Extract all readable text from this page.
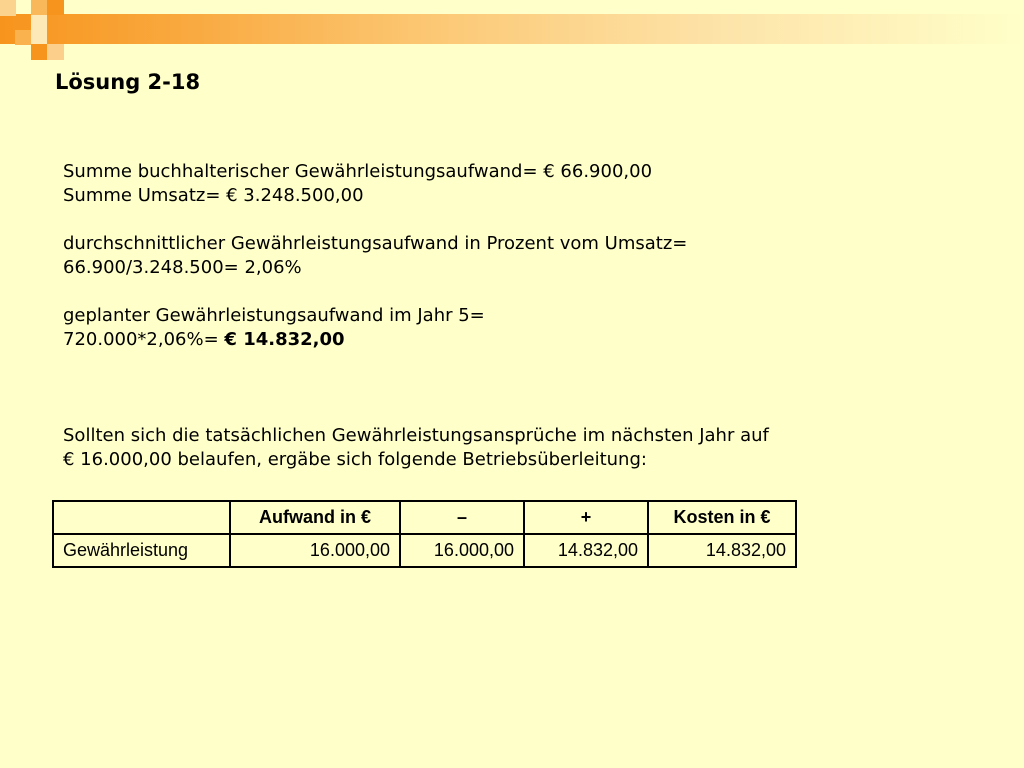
Lösung 2-18
Summe buchhalterischer Gewährleistungsaufwand= € 66.900,00
Summe Umsatz= € 3.248.500,00
durchschnittlicher Gewährleistungsaufwand in Prozent vom Umsatz=
66.900/3.248.500= 2,06%
geplanter Gewährleistungsaufwand im Jahr 5=
720.000*2,06%= € 14.832,00
Sollten sich die tatsächlichen Gewährleistungsansprüche im nächsten Jahr auf
€ 16.000,00 belaufen, ergäbe sich folgende Betriebsüberleitung:
	Aufwand in €	–	+	Kosten in €
Gewährleistung	16.000,00	16.000,00	14.832,00	14.832,00
